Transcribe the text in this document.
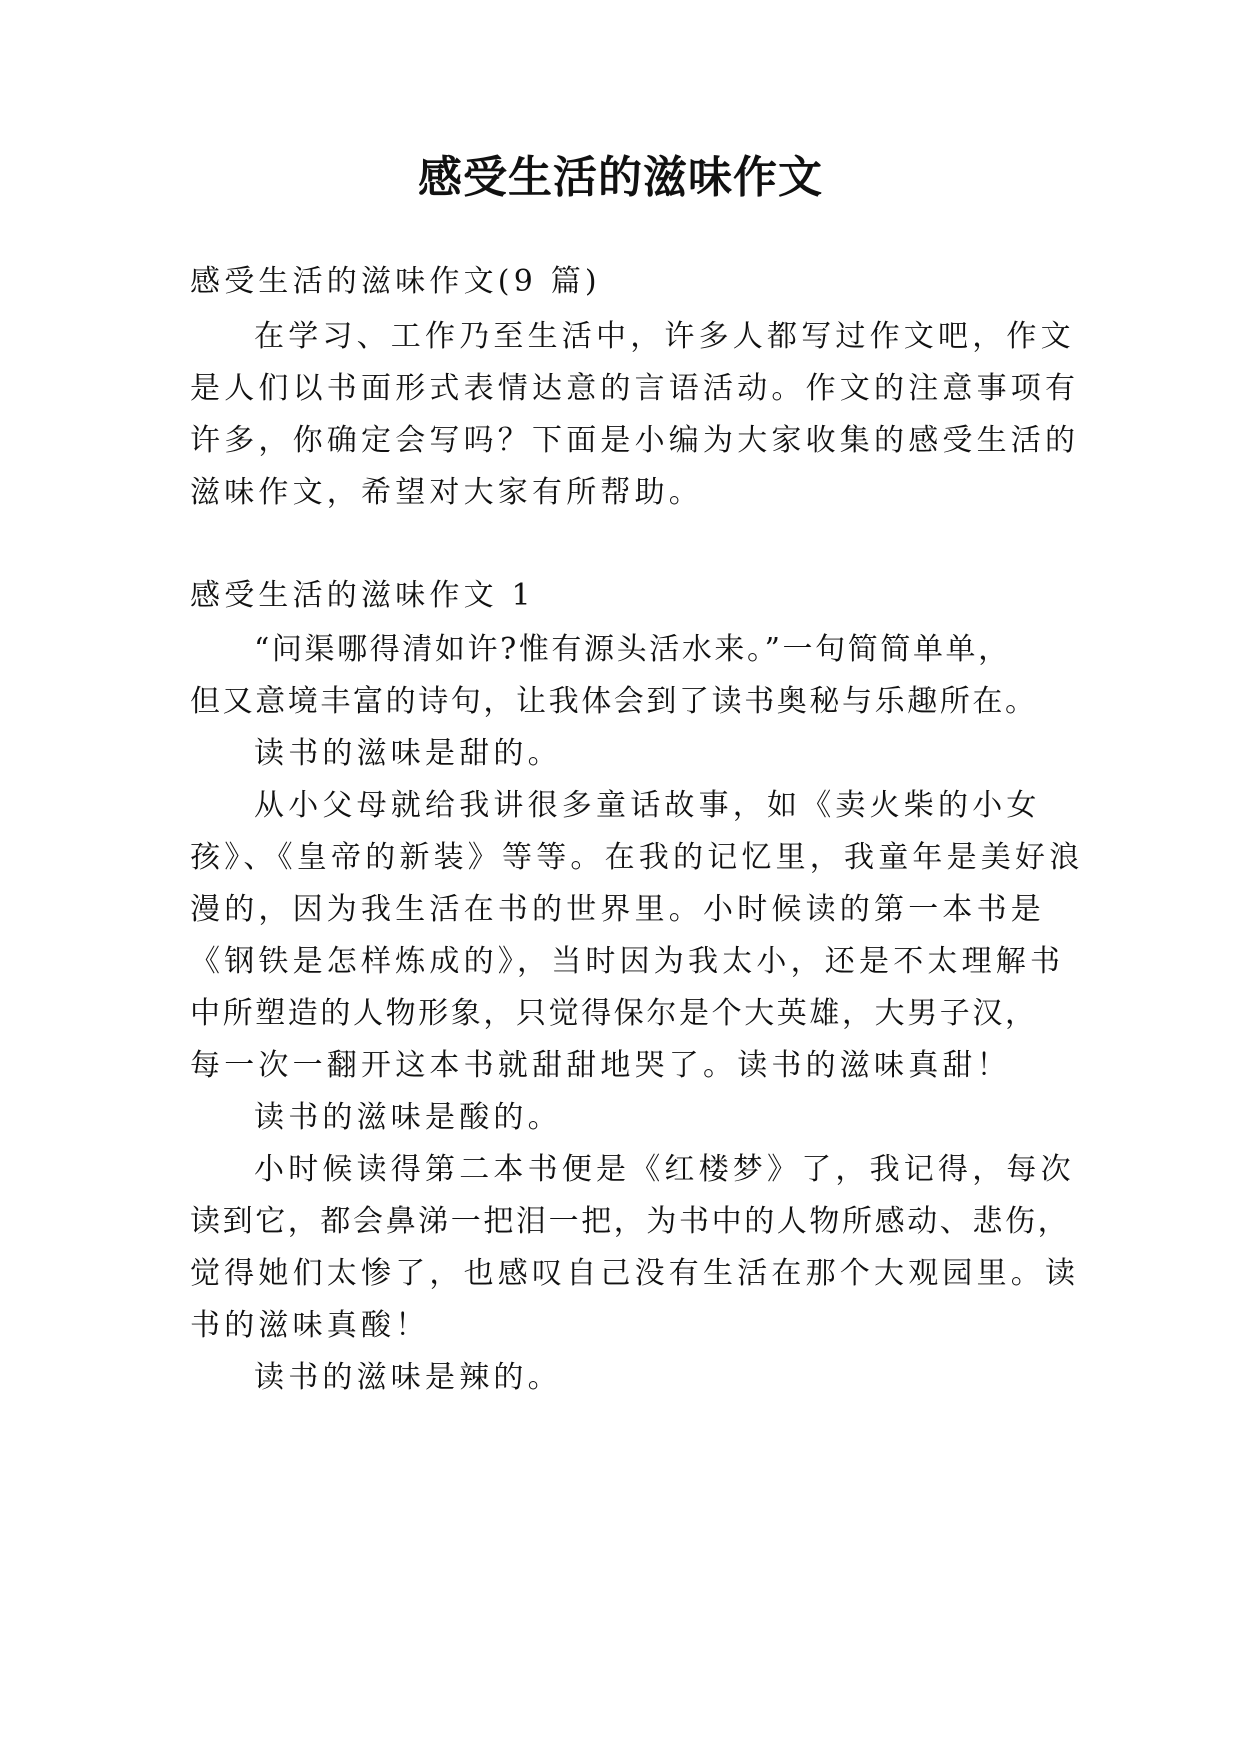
感受生活的滋味作文
感受生活的滋味作文(9 篇)
在学习、工作乃至生活中，许多人都写过作文吧，作文
是人们以书面形式表情达意的言语活动。作文的注意事项有
许多，你确定会写吗？下面是小编为大家收集的感受生活的
滋味作文，希望对大家有所帮助。
感受生活的滋味作文 1
“问渠哪得清如许?惟有源头活水来。”一句简简单单，
但又意境丰富的诗句，让我体会到了读书奥秘与乐趣所在。
读书的滋味是甜的。
从小父母就给我讲很多童话故事，如《卖火柴的小女
孩》、《皇帝的新装》等等。在我的记忆里，我童年是美好浪
漫的，因为我生活在书的世界里。小时候读的第一本书是
《钢铁是怎样炼成的》，当时因为我太小，还是不太理解书
中所塑造的人物形象，只觉得保尔是个大英雄，大男子汉，
每一次一翻开这本书就甜甜地哭了。读书的滋味真甜！
读书的滋味是酸的。
小时候读得第二本书便是《红楼梦》了，我记得，每次
读到它，都会鼻涕一把泪一把，为书中的人物所感动、悲伤，
觉得她们太惨了，也感叹自己没有生活在那个大观园里。读
书的滋味真酸！
读书的滋味是辣的。
